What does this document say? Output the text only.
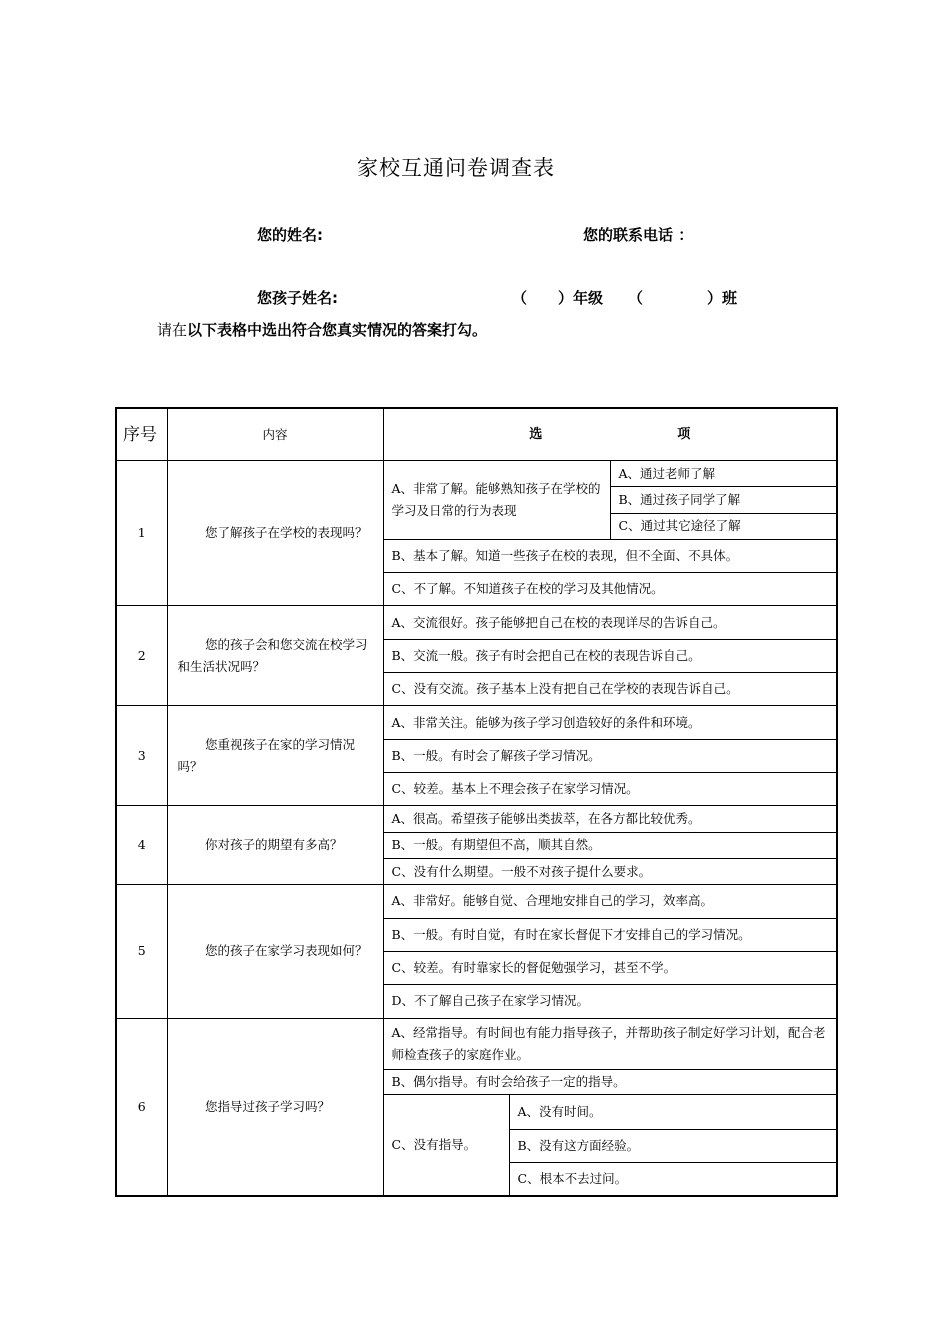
家校互通问卷调查表
您的姓名:	您的联系电话 ：
您孩子姓名:	（ ）年级 （	）班
请在以下表格中选出符合您真实情况的答案打勾。
序号	内容	选 项		
1	您了解孩子在学校的表现吗？	A、非常了解。能够熟知孩子在学校的学习及日常的行为表现		A、通过老师了解
				B、通过孩子同学了解
				C、通过其它途径了解
		B、基本了解。知道一些孩子在校的表现，但不全面、不具体。		
		C、不了解。不知道孩子在校的学习及其他情况。		
2	您的孩子会和您交流在校学习和生活状况吗？	A、交流很好。孩子能够把自己在校的表现详尽的告诉自己。		
		B、交流一般。孩子有时会把自己在校的表现告诉自己。		
		C、没有交流。孩子基本上没有把自己在学校的表现告诉自己。		
3	您重视孩子在家的学习情况吗？	A、非常关注。能够为孩子学习创造较好的条件和环境。		
		B、一般。有时会了解孩子学习情况。		
		C、较差。基本上不理会孩子在家学习情况。		
4	你对孩子的期望有多高？	A、很高。希望孩子能够出类拔萃，在各方都比较优秀。		
		B、一般。有期望但不高，顺其自然。		
		C、没有什么期望。一般不对孩子提什么要求。		
5	您的孩子在家学习表现如何？	A、非常好。能够自觉、合理地安排自己的学习，效率高。		
		B、一般。有时自觉，有时在家长督促下才安排自己的学习情况。		
		C、较差。有时靠家长的督促勉强学习，甚至不学。		
		D、不了解自己孩子在家学习情况。		
6	您指导过孩子学习吗？	A、经常指导。有时间也有能力指导孩子，并帮助孩子制定好学习计划，配合老师检查孩子的家庭作业。		
		B、偶尔指导。有时会给孩子一定的指导。		
		C、没有指导。	A、没有时间。	
			B、没有这方面经验。	
			C、根本不去过问。	
